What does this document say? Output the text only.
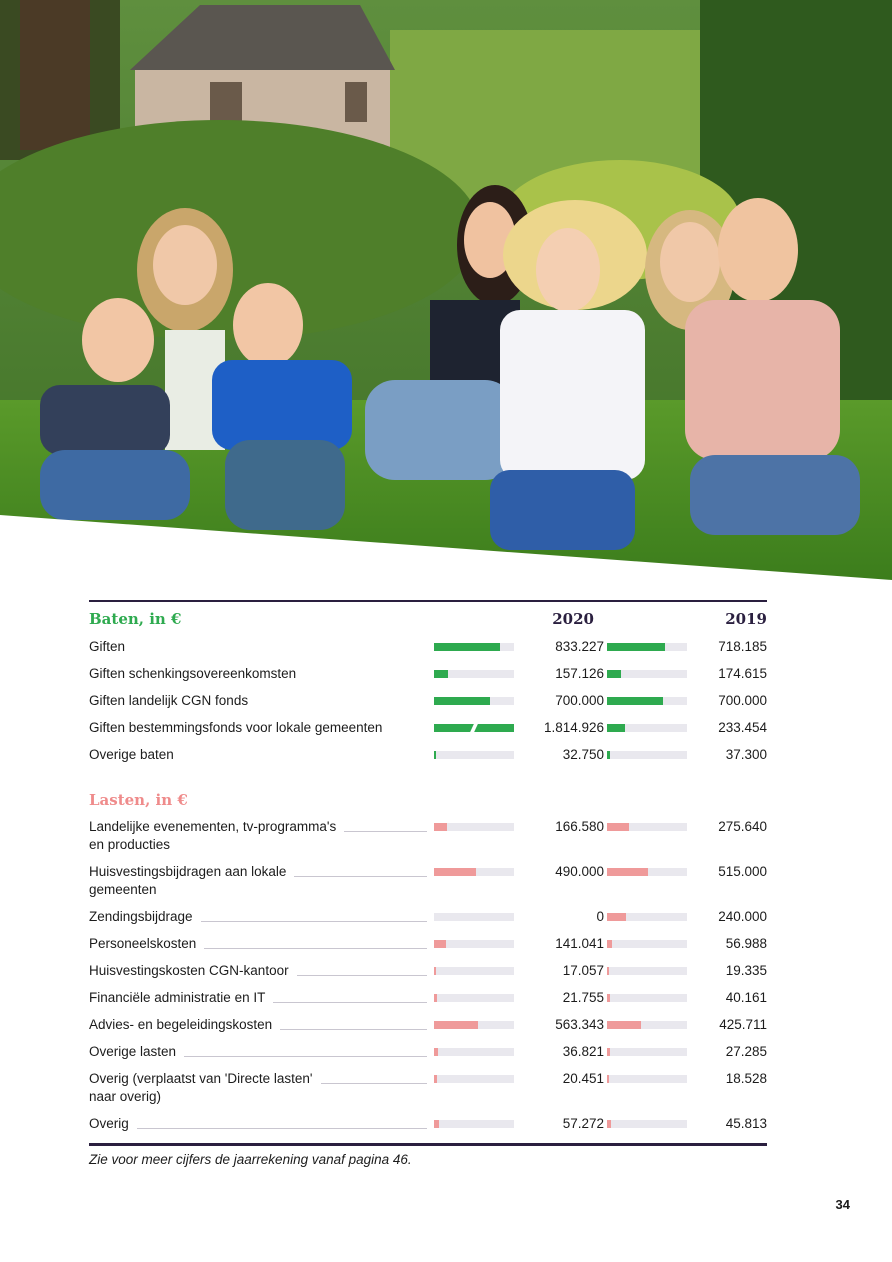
Baten, in €	2020	2019
Giften	833.227	718.185
Giften schenkingsovereenkomsten	157.126	174.615
Giften landelijk CGN fonds	700.000	700.000
Giften bestemmingsfonds voor lokale gemeenten	1.814.926	233.454
Overige baten	32.750	37.300
Lasten, in €
Landelijke evenementen, tv-programma's
en producties
166.580	275.640
Huisvestingsbijdragen aan lokale
gemeenten
490.000	515.000
Zendingsbijdrage	0	240.000
Personeelskosten	141.041	56.988
Huisvestingskosten CGN-kantoor	17.057	19.335
Financiële administratie en IT	21.755	40.161
Advies- en begeleidingskosten	563.343	425.711
Overige lasten	36.821	27.285
Overig (verplaatst van 'Directe lasten'
naar overig)
20.451	18.528
Overig	57.272	45.813
Zie voor meer cijfers de jaarrekening vanaf pagina 46.
34
